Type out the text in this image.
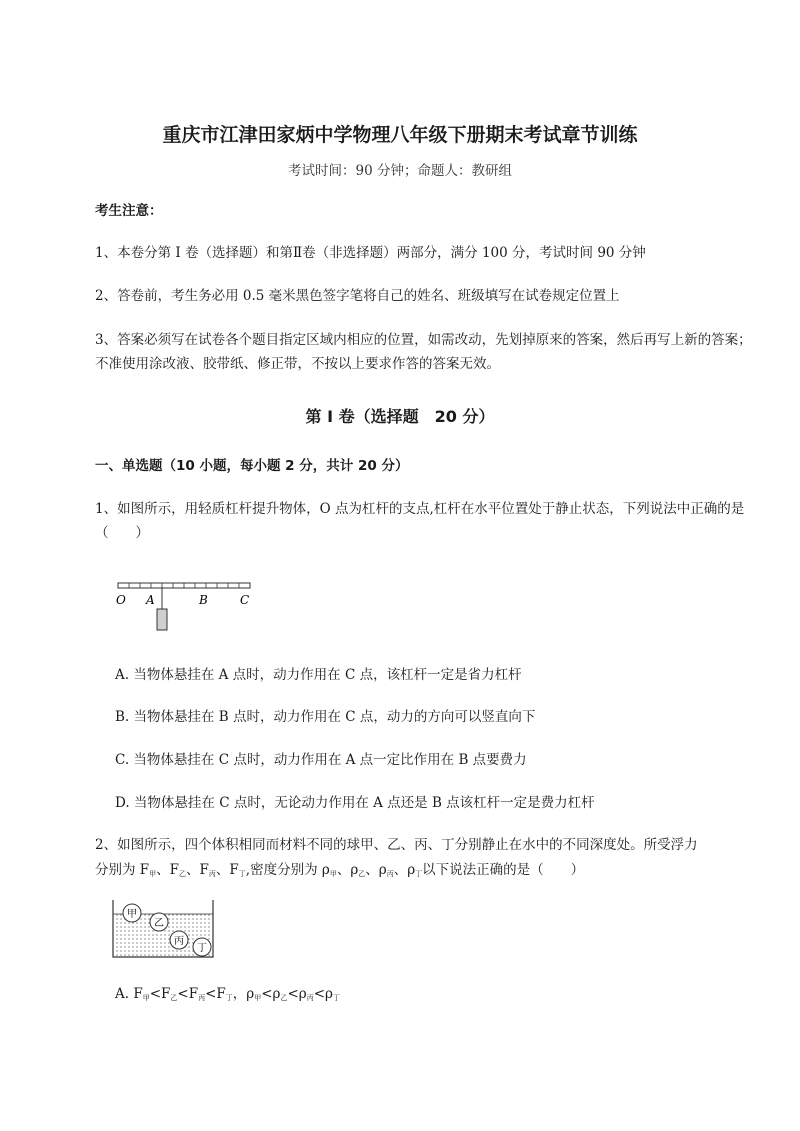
重庆市江津田家炳中学物理八年级下册期末考试章节训练
考试时间：90 分钟；命题人：教研组
考生注意：
1、本卷分第 I 卷（选择题）和第Ⅱ卷（非选择题）两部分，满分 100 分，考试时间 90 分钟
2、答卷前，考生务必用 0.5 毫米黑色签字笔将自己的姓名、班级填写在试卷规定位置上
3、答案必须写在试卷各个题目指定区域内相应的位置，如需改动，先划掉原来的答案，然后再写上新的答案；不准使用涂改液、胶带纸、修正带，不按以上要求作答的答案无效。
第 I 卷（选择题　20 分）
一、单选题（10 小题，每小题 2 分，共计 20 分）
1、如图所示，用轻质杠杆提升物体，O 点为杠杆的支点,杠杆在水平位置处于静止状态，下列说法中正确的是（　　）
O A	B	C
A. 当物体悬挂在 A 点时，动力作用在 C 点，该杠杆一定是省力杠杆
B. 当物体悬挂在 B 点时，动力作用在 C 点，动力的方向可以竖直向下
C. 当物体悬挂在 C 点时，动力作用在 A 点一定比作用在 B 点要费力
D. 当物体悬挂在 C 点时，无论动力作用在 A 点还是 B 点该杠杆一定是费力杠杆
2、如图所示，四个体积相同而材料不同的球甲、乙、丙、丁分别静止在水中的不同深度处。所受浮力
分别为 $F_甲$、$F_乙$、$F_丙$、$F_丁$,密度分别为 $\rho_甲$、$\rho_乙$、$\rho_丙$、$\rho_丁$以下说法正确的是（　　）
甲
乙
丙
丁
A. $F_甲<F_乙<F_丙<F_丁$，$\rho_甲<\rho_乙<\rho_丙<\rho_丁$
